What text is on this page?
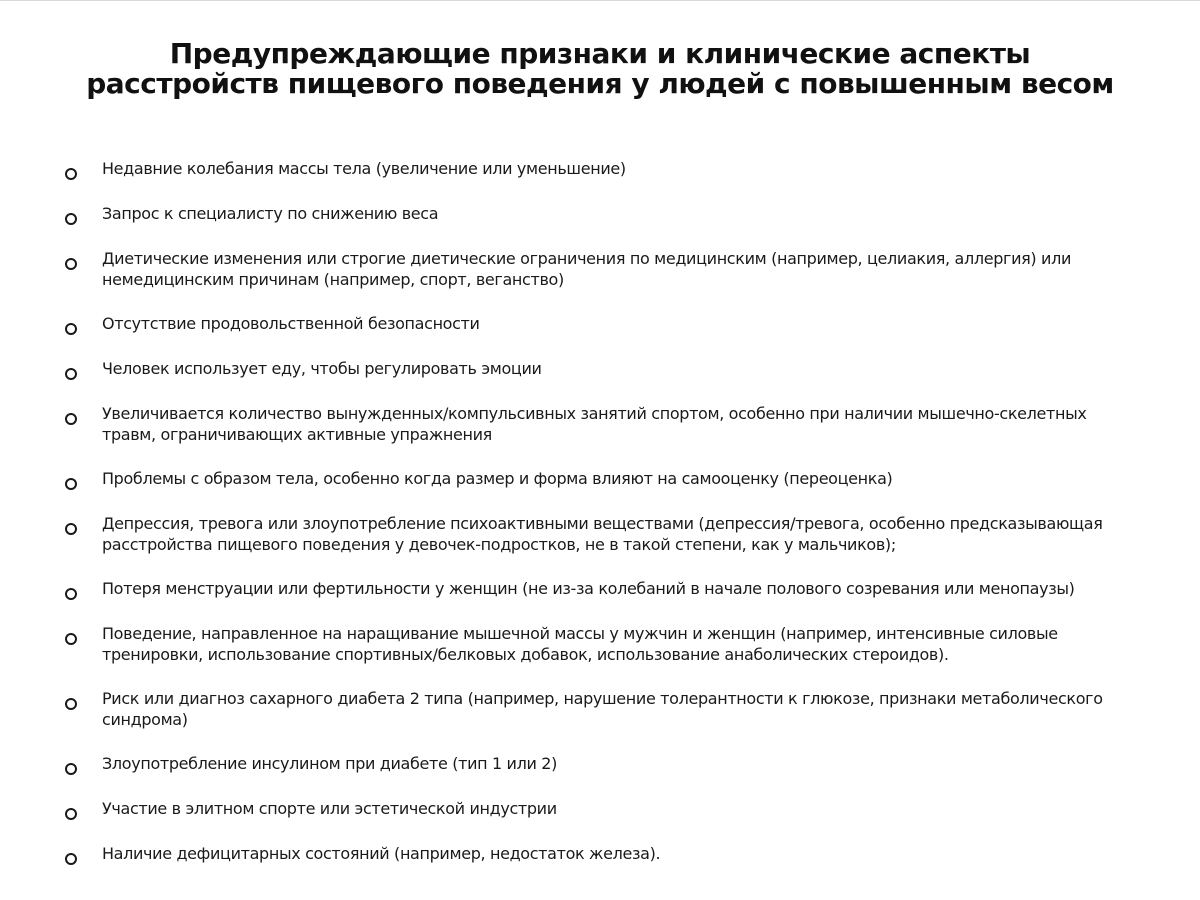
Предупреждающие признаки и клинические аспекты
расстройств пищевого поведения у людей с повышенным весом

Недавние колебания массы тела (увеличение или уменьшение)

Запрос к специалисту по снижению веса

Диетические изменения или строгие диетические ограничения по медицинским (например, целиакия, аллергия) или немедицинским причинам (например, спорт, веганство)

Отсутствие продовольственной безопасности

Человек использует еду, чтобы регулировать эмоции

Увеличивается количество вынужденных/компульсивных занятий спортом, особенно при наличии мышечно-скелетных травм, ограничивающих активные упражнения

Проблемы с образом тела, особенно когда размер и форма влияют на самооценку (переоценка)

Депрессия, тревога или злоупотребление психоактивными веществами (депрессия/тревога, особенно предсказывающая расстройства пищевого поведения у девочек-подростков, не в такой степени, как у мальчиков);

Потеря менструации или фертильности у женщин (не из-за колебаний в начале полового созревания или менопаузы)

Поведение, направленное на наращивание мышечной массы у мужчин и женщин (например, интенсивные силовые тренировки, использование спортивных/белковых добавок, использование анаболических стероидов).

Риск или диагноз сахарного диабета 2 типа (например, нарушение толерантности к глюкозе, признаки метаболического синдрома)

Злоупотребление инсулином при диабете (тип 1 или 2)

Участие в элитном спорте или эстетической индустрии

Наличие дефицитарных состояний (например, недостаток железа).
